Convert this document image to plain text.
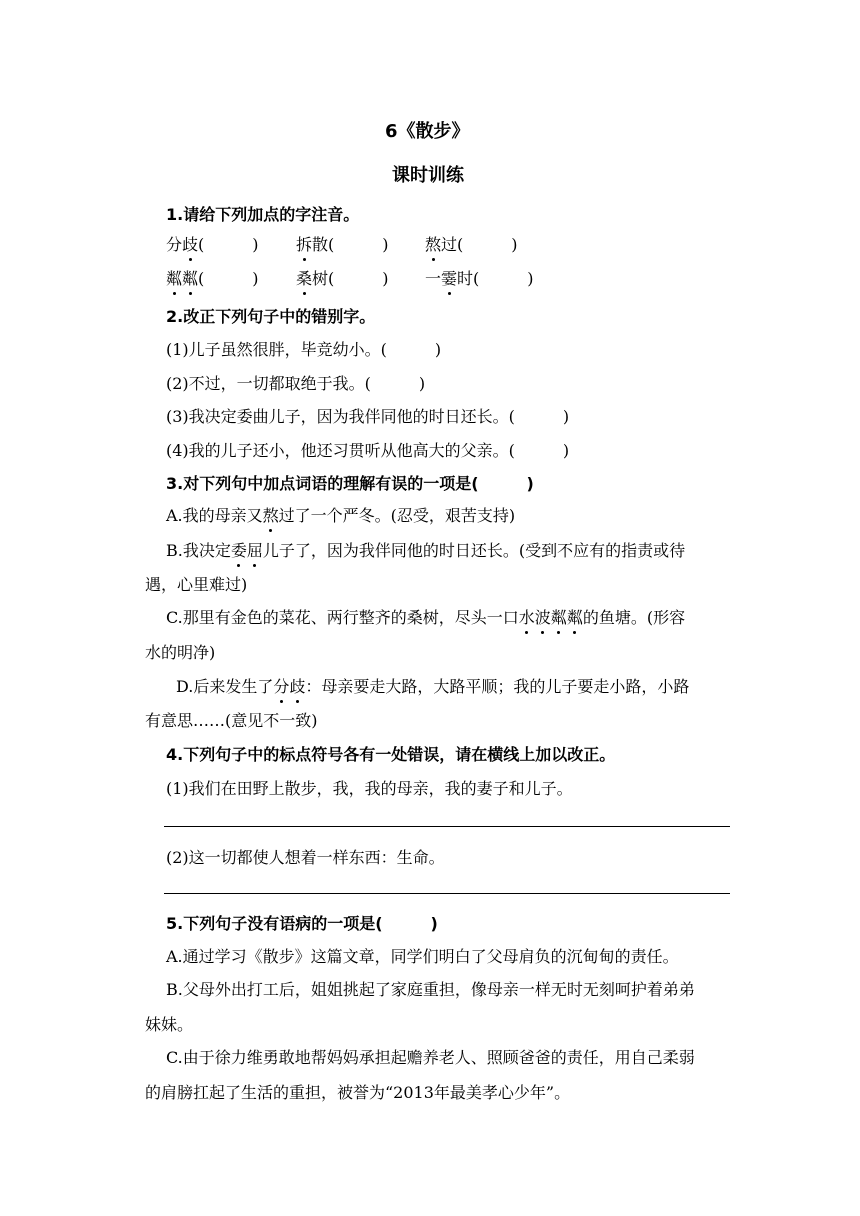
6《散步》
课时训练
1.请给下列加点的字注音。
分歧(　　　) 拆散(　　　) 熬过(　　　)
粼粼(　　　) 桑树(　　　) 一霎时(　　　)
2.改正下列句子中的错别字。
(1)儿子虽然很胖，毕竞幼小。(　　　)
(2)不过，一切都取绝于我。(　　　)
(3)我决定委曲儿子，因为我伴同他的时日还长。(　　　)
(4)我的儿子还小，他还习贯听从他高大的父亲。(　　　)
3.对下列句中加点词语的理解有误的一项是(　　　)
A.我的母亲又熬过了一个严冬。(忍受，艰苦支持)
B.我决定委屈儿子了，因为我伴同他的时日还长。(受到不应有的指责或待
遇，心里难过)
C.那里有金色的菜花、两行整齐的桑树，尽头一口水波粼粼的鱼塘。(形容
水的明净)
D.后来发生了分歧：母亲要走大路，大路平顺；我的儿子要走小路，小路
有意思……(意见不一致)
4.下列句子中的标点符号各有一处错误，请在横线上加以改正。
(1)我们在田野上散步，我，我的母亲，我的妻子和儿子。
(2)这一切都使人想着一样东西：生命。
5.下列句子没有语病的一项是(　　　)
A.通过学习《散步》这篇文章，同学们明白了父母肩负的沉甸甸的责任。
B.父母外出打工后，姐姐挑起了家庭重担，像母亲一样无时无刻呵护着弟弟
妹妹。
C.由于徐力维勇敢地帮妈妈承担起赡养老人、照顾爸爸的责任，用自己柔弱
的肩膀扛起了生活的重担，被誉为“2013年最美孝心少年”。
